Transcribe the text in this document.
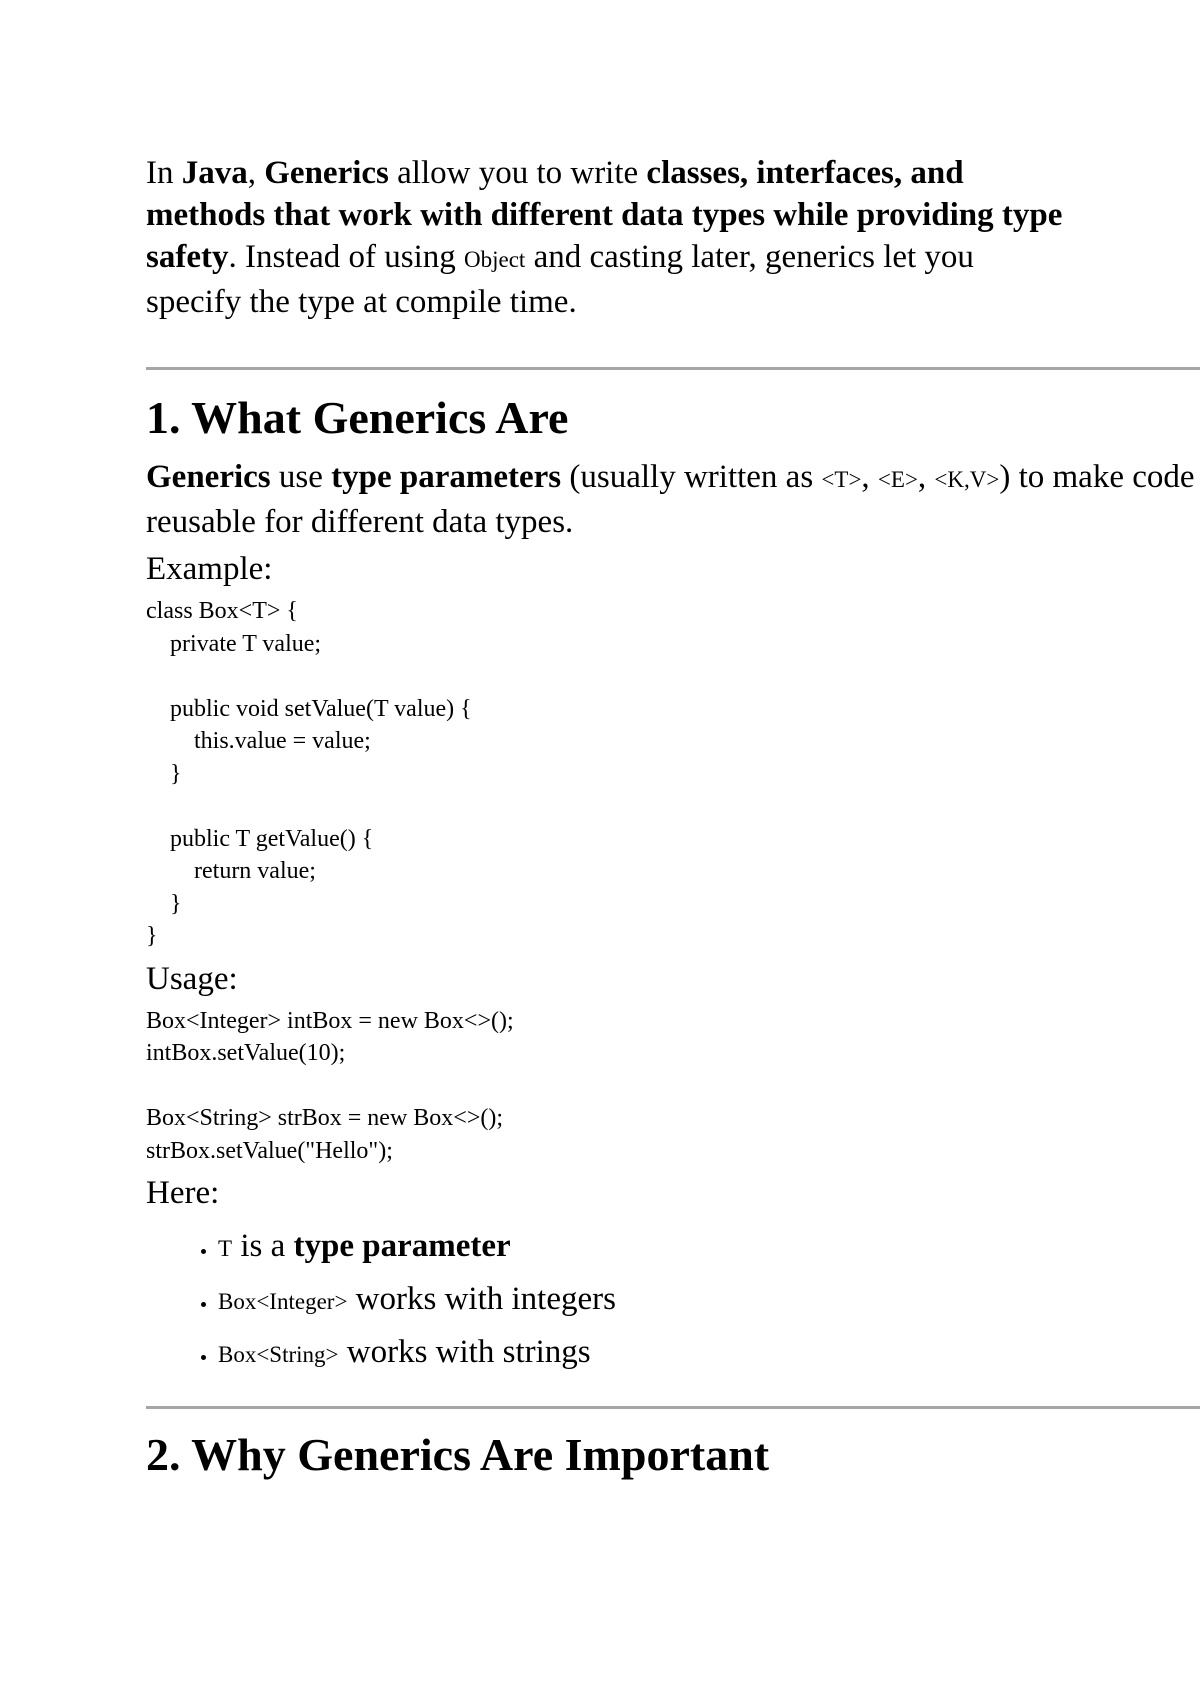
In Java, Generics allow you to write classes, interfaces, and methods that work with different data types while providing type safety. Instead of using Object and casting later, generics let you specify the type at compile time.

1. What Generics Are

Generics use type parameters (usually written as <T>, <E>, <K,V>) to make code reusable for different data types.

Example:

class Box<T> {
private T value;

public void setValue(T value) {
this.value = value;
}

public T getValue() {
return value;
}
}

Usage:

Box<Integer> intBox = new Box<>();
intBox.setValue(10);

Box<String> strBox = new Box<>();
strBox.setValue("Hello");

Here:

• T is a type parameter
• Box<Integer> works with integers
• Box<String> works with strings
2. Why Generics Are Important
